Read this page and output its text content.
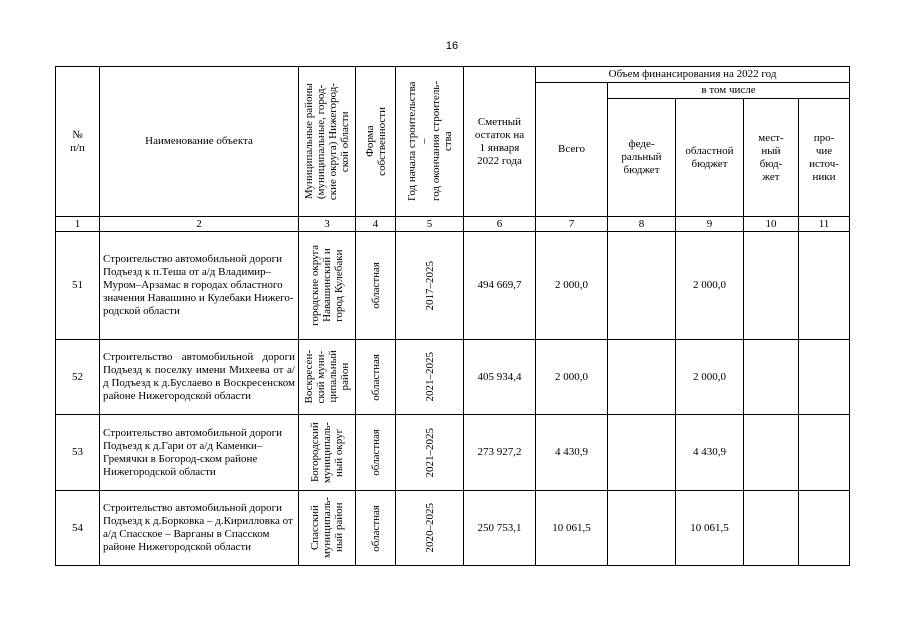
16
№
п/п	Наименование объекта	Муниципальные районы
(муниципальные, город-
ские округа) Нижегород-
ской области	Форма
собственности	Год начала строительства
–
год окончания строитель-
ства	Сметный
остаток на
1 января
2022 года	Объем финансирования на 2022 год				
						Всего	в том числе			
							феде-
ральный
бюджет	областной
бюджет	мест-
ный
бюд-
жет	про-
чие
источ-
ники
1	2	3	4	5	6	7	8	9	10	11
51	Строительство автомобильной дороги Подъезд к п.Теша от а/д Владимир–Муром–Арзамас в городах областного значения Навашино и Кулебаки Нижего-родской области	городские округа
Навашинский и
город Кулебаки	областная	2017–2025	494 669,7	2 000,0		2 000,0		
52	Строительство автомобильной дороги Подъезд к поселку имени Михеева от а/д Подъезд к д.Буслаево в Воскресенском районе Нижегородской области	Воскресен-
ский муни-
ципальный
район	областная	2021–2025	405 934,4	2 000,0		2 000,0		
53	Строительство автомобильной дороги Подъезд к д.Гари от а/д Каменки–Гремячки в Богород-ском районе Нижегородской области	Богородский
муниципаль-
ный округ	областная	2021–2025	273 927,2	4 430,9		4 430,9		
54	Строительство автомобильной дороги Подъезд к д.Борковка – д.Кирилловка от а/д Спасское – Варганы в Спасском районе Нижегородской области	Спасский
муниципаль-
ный район	областная	2020–2025	250 753,1	10 061,5		10 061,5		
